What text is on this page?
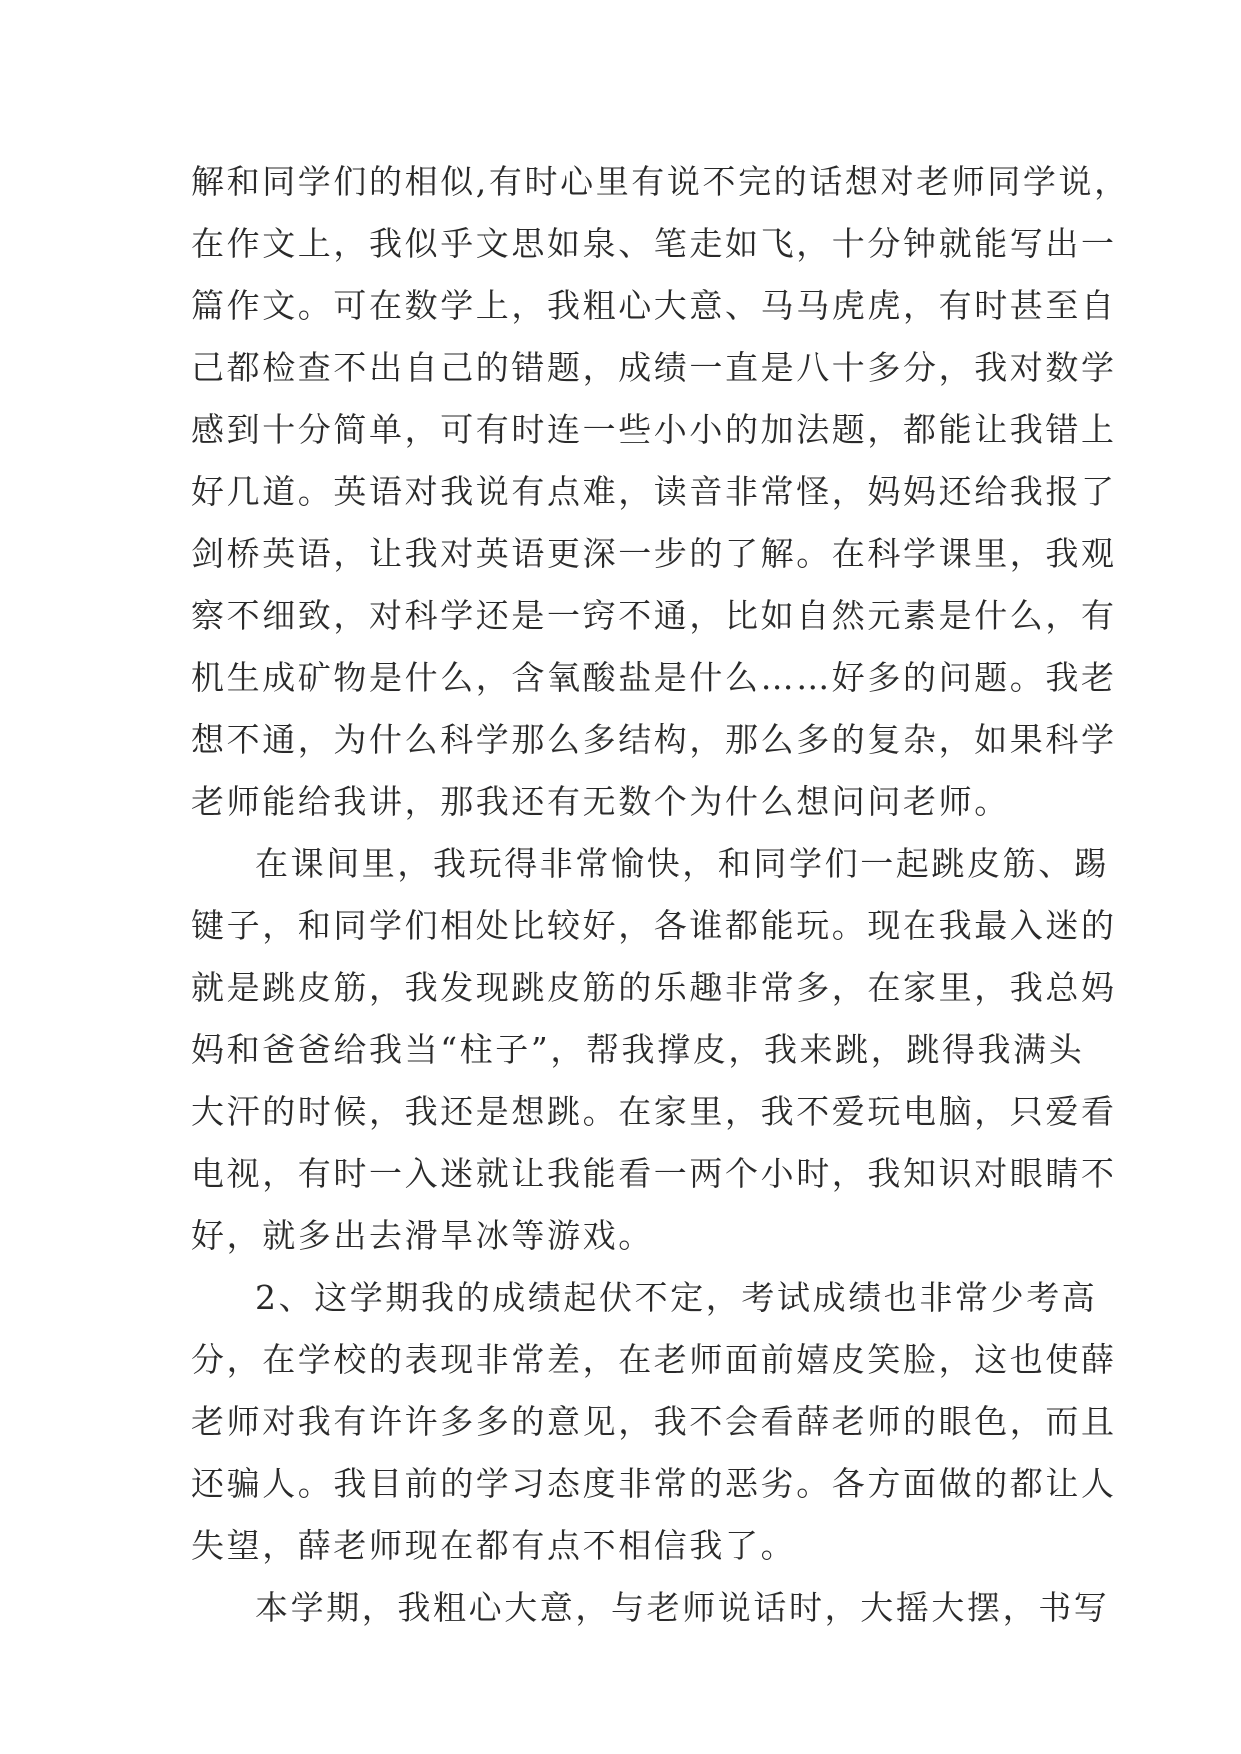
解和同学们的相似,有时心里有说不完的话想对老师同学说，

在作文上，我似乎文思如泉、笔走如飞，十分钟就能写出一

篇作文。可在数学上，我粗心大意、马马虎虎，有时甚至自

己都检查不出自己的错题，成绩一直是八十多分，我对数学

感到十分简单，可有时连一些小小的加法题，都能让我错上

好几道。英语对我说有点难，读音非常怪，妈妈还给我报了

剑桥英语，让我对英语更深一步的了解。在科学课里，我观

察不细致，对科学还是一窍不通，比如自然元素是什么，有

机生成矿物是什么，含氧酸盐是什么……好多的问题。我老

想不通，为什么科学那么多结构，那么多的复杂，如果科学

老师能给我讲，那我还有无数个为什么想问问老师。

在课间里，我玩得非常愉快，和同学们一起跳皮筋、踢

键子，和同学们相处比较好，各谁都能玩。现在我最入迷的

就是跳皮筋，我发现跳皮筋的乐趣非常多，在家里，我总妈

妈和爸爸给我当“柱子”，帮我撑皮，我来跳，跳得我满头

大汗的时候，我还是想跳。在家里，我不爱玩电脑，只爱看

电视，有时一入迷就让我能看一两个小时，我知识对眼睛不

好，就多出去滑旱冰等游戏。

2、这学期我的成绩起伏不定，考试成绩也非常少考高

分，在学校的表现非常差，在老师面前嬉皮笑脸，这也使薛

老师对我有许许多多的意见，我不会看薛老师的眼色，而且

还骗人。我目前的学习态度非常的恶劣。各方面做的都让人

失望，薛老师现在都有点不相信我了。

本学期，我粗心大意，与老师说话时，大摇大摆，书写
